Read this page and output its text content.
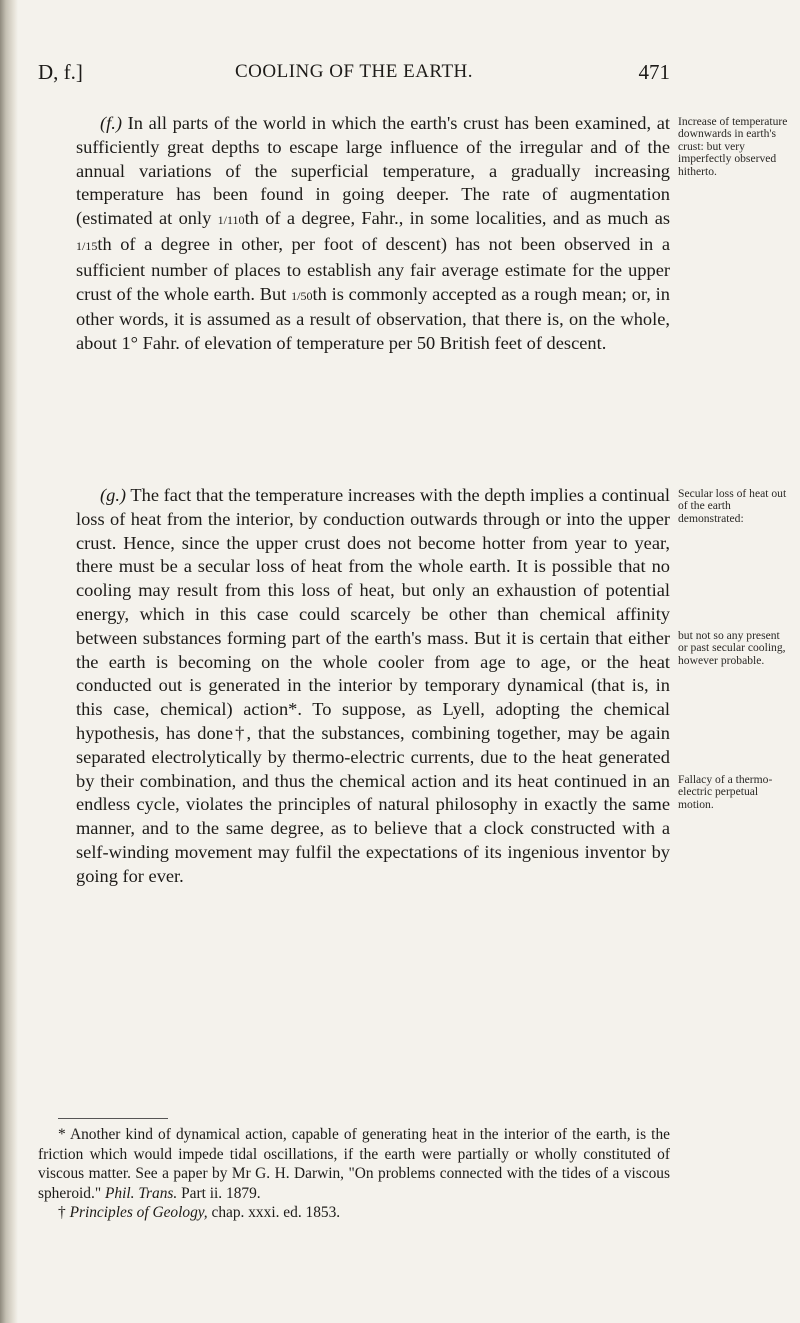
D, f.]	COOLING OF THE EARTH.	471

(f.) In all parts of the world in which the earth's crust has been examined, at sufficiently great depths to escape large influence of the irregular and of the annual variations of the superficial temperature, a gradually increasing temperature has been found in going deeper. The rate of augmentation (estimated at only 1/110th of a degree, Fahr., in some localities, and as much as 1/15th of a degree in other, per foot of descent) has not been observed in a sufficient number of places to establish any fair average estimate for the upper crust of the whole earth. But 1/50th is commonly accepted as a rough mean; or, in other words, it is assumed as a result of observation, that there is, on the whole, about 1° Fahr. of elevation of temperature per 50 British feet of descent.

(g.) The fact that the temperature increases with the depth implies a continual loss of heat from the interior, by conduction outwards through or into the upper crust. Hence, since the upper crust does not become hotter from year to year, there must be a secular loss of heat from the whole earth. It is possible that no cooling may result from this loss of heat, but only an exhaustion of potential energy, which in this case could scarcely be other than chemical affinity between substances forming part of the earth's mass. But it is certain that either the earth is becoming on the whole cooler from age to age, or the heat conducted out is generated in the interior by temporary dynamical (that is, in this case, chemical) action*. To suppose, as Lyell, adopting the chemical hypothesis, has done†, that the substances, combining together, may be again separated electrolytically by thermo-electric currents, due to the heat generated by their combination, and thus the chemical action and its heat continued in an endless cycle, violates the principles of natural philosophy in exactly the same manner, and to the same degree, as to believe that a clock constructed with a self-winding movement may fulfil the expectations of its ingenious inventor by going for ever.

Increase of temperature downwards in earth's crust: but very imperfectly observed hitherto.
Secular loss of heat out of the earth demonstrated:
but not so any present or past secular cooling, however probable.
Fallacy of a thermo-electric perpetual motion.

* Another kind of dynamical action, capable of generating heat in the interior of the earth, is the friction which would impede tidal oscillations, if the earth were partially or wholly constituted of viscous matter. See a paper by Mr G. H. Darwin, "On problems connected with the tides of a viscous spheroid." Phil. Trans. Part ii. 1879.

† Principles of Geology, chap. xxxi. ed. 1853.
